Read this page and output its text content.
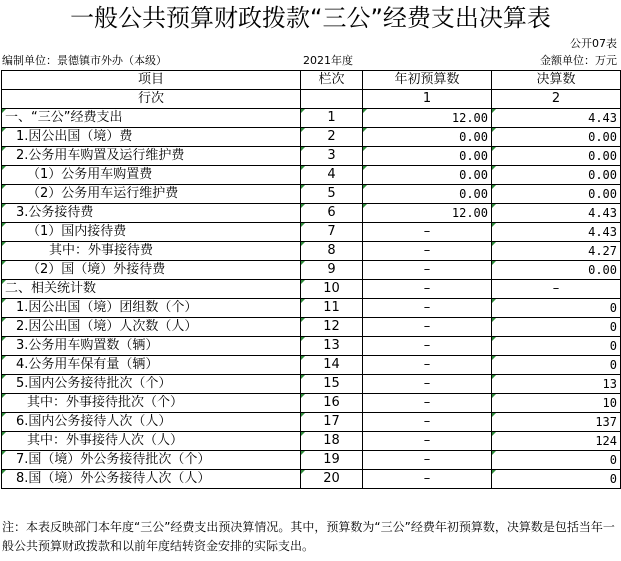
一般公共预算财政拨款“三公”经费支出决算表
公开07表
编制单位：景德镇市外办（本级）	2021年度	金额单位：万元
项目	栏次	年初预算数	决算数
行次		1	2
一、“三公”经费支出	1	12.00	4.43
1.因公出国（境）费	2	0.00	0.00
2.公务用车购置及运行维护费	3	0.00	0.00
（1）公务用车购置费	4	0.00	0.00
（2）公务用车运行维护费	5	0.00	0.00
3.公务接待费	6	12.00	4.43
（1）国内接待费	7	–	4.43
其中：外事接待费	8	–	4.27
（2）国（境）外接待费	9	–	0.00
二、相关统计数	10	–	–
1.因公出国（境）团组数（个）	11	–	0
2.因公出国（境）人次数（人）	12	–	0
3.公务用车购置数（辆）	13	–	0
4.公务用车保有量（辆）	14	–	0
5.国内公务接待批次（个）	15	–	13
其中：外事接待批次（个）	16	–	10
6.国内公务接待人次（人）	17	–	137
其中：外事接待人次（人）	18	–	124
7.国（境）外公务接待批次（个）	19	–	0
8.国（境）外公务接待人次（人）	20	–	0
注：本表反映部门本年度“三公”经费支出预决算情况。其中，预算数为“三公”经费年初预算数，决算数是包括当年一般公共预算财政拨款和以前年度结转资金安排的实际支出。
